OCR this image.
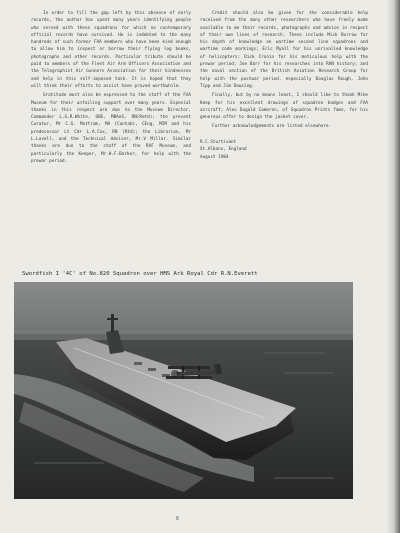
In order to fill the gap left by this absence of early records, the author has spent many years identifying people who served with these squadrons for which no contemporary official records have survived. He is indebted to the many hundreds of such former FAA members who have been kind enough to allow him to inspect or borrow their flying log books, photographs and other records. Particular tribute should be paid to members of the Fleet Air Arm Officers Association and the Telegraphist Air Gunners Association for their kindnesses and help in this self-imposed task. It is hoped that they will think their efforts to assist have proved worthwhile.

Gratitude must also be expressed to the staff of the FAA Museum for their unfailing support over many years. Especial thanks in this respect are due to the Museum Director, Commander L.G.R.White, OBE, MBAeS, RN(Retd); the present Curator, Mr C.G. Mottram, MA (Cantab), CEng, MIM and his predecessor Lt Cdr L.A.Cox, RN (Rtd); the Librarian, Mr L.Lovell, and the Technical Adviser, Mr.V Millar. Similar thanks are due to the staff of the RAF Museum, and particularly the Keeper, Mr.H.F.Barker, for help with the prewar period.

Credit should also be given for the considerable help received from the many other researchers who have freely made available to me their records, photographs and advice in respect of their own lines of research. These include Mick Burrow for his depth of knowledge on wartime second line squadrons and wartime code markings; Eric Myall for his unrivalled knowledge of helicopters; Dick Cronin for his meticulous help with the prewar period; Joe Barr for his researches into RAN history; and the naval section of the British Aviation Research Group for help with the postwar period, especially Douglas Rough, John Tipp and Jim Dowsing.

Finally, but by no means least, I should like to thank Mike Keep for his excellent drawings of squadron badges and FAA aircraft; Alec Dugald Cameron, of Squadron Prints fame, for his generous offer to design the jacket cover.

Further acknowledgements are listed elsewhere.

R.C.Sturtivant
St.Albans, England
August 1984
Swordfish I '4C' of No.820 Squadron over HMS Ark Royal Cdr R.N.Everett
6
